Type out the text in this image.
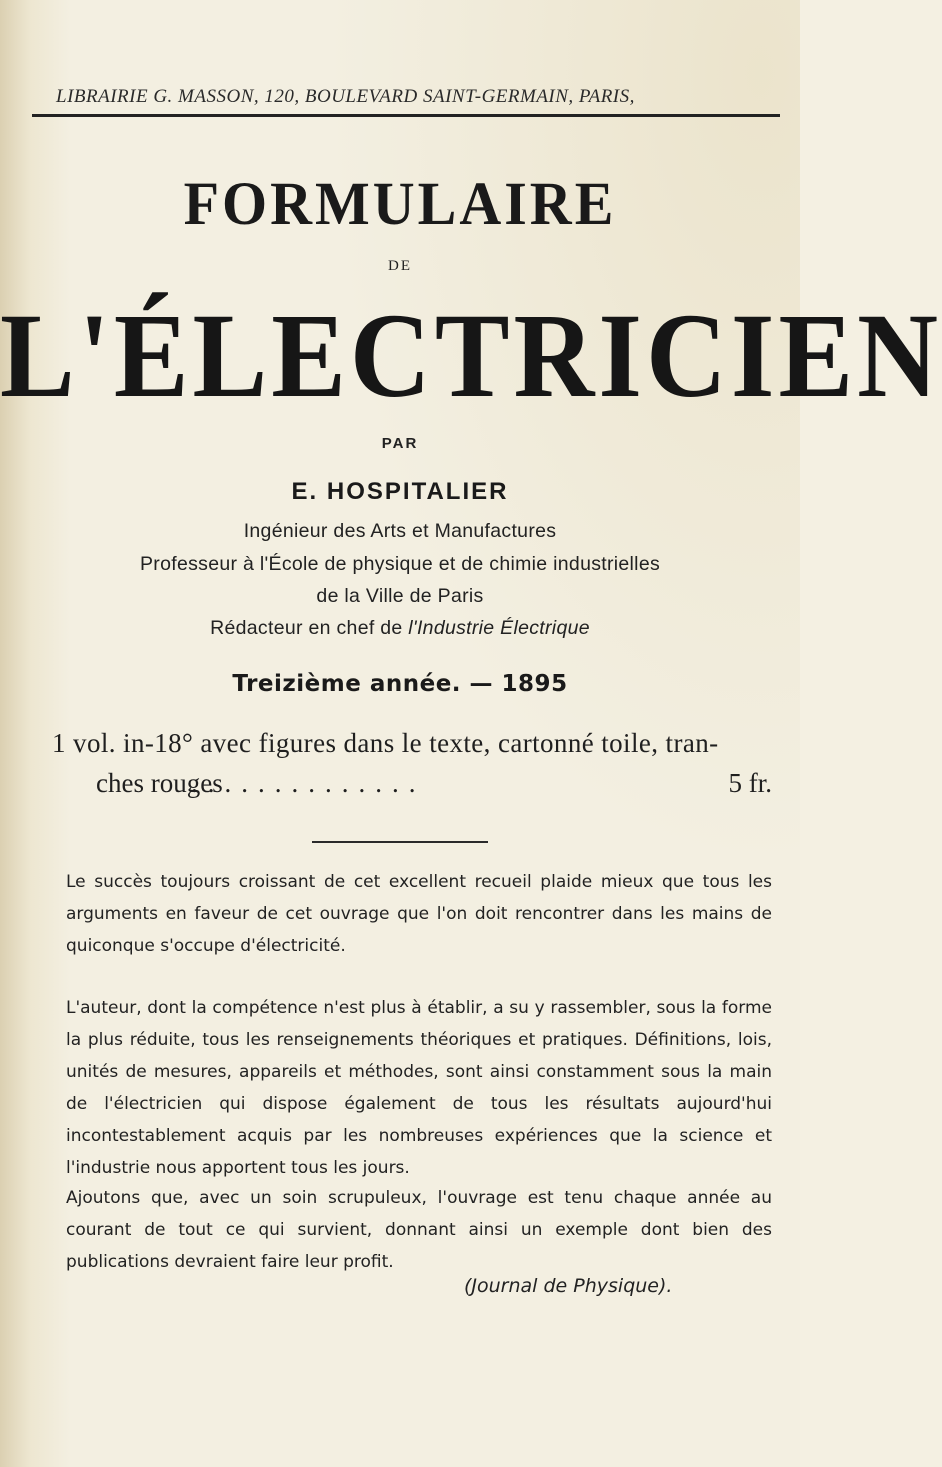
LIBRAIRIE G. MASSON, 120, BOULEVARD SAINT-GERMAIN, PARIS,
FORMULAIRE
DE
L'ÉLECTRICIEN
PAR
E. HOSPITALIER
Ingénieur des Arts et Manufactures
Professeur à l'École de physique et de chimie industrielles
de la Ville de Paris
Rédacteur en chef de l'Industrie Électrique
Treizième année. — 1895
1 vol. in-18° avec figures dans le texte, cartonné toile, tran-
ches rouges
..............	5 fr.

Le succès toujours croissant de cet excellent recueil plaide mieux que tous les arguments en faveur de cet ouvrage que l'on doit rencontrer dans les mains de quiconque s'occupe d'électricité.

L'auteur, dont la compétence n'est plus à établir, a su y rassembler, sous la forme la plus réduite, tous les renseignements théoriques et pratiques. Définitions, lois, unités de mesures, appareils et méthodes, sont ainsi constamment sous la main de l'électricien qui dispose également de tous les résultats aujourd'hui incontestablement acquis par les nombreuses expériences que la science et l'industrie nous apportent tous les jours.

Ajoutons que, avec un soin scrupuleux, l'ouvrage est tenu chaque année au courant de tout ce qui survient, donnant ainsi un exemple dont bien des publications devraient faire leur profit.

(Journal de Physique).
